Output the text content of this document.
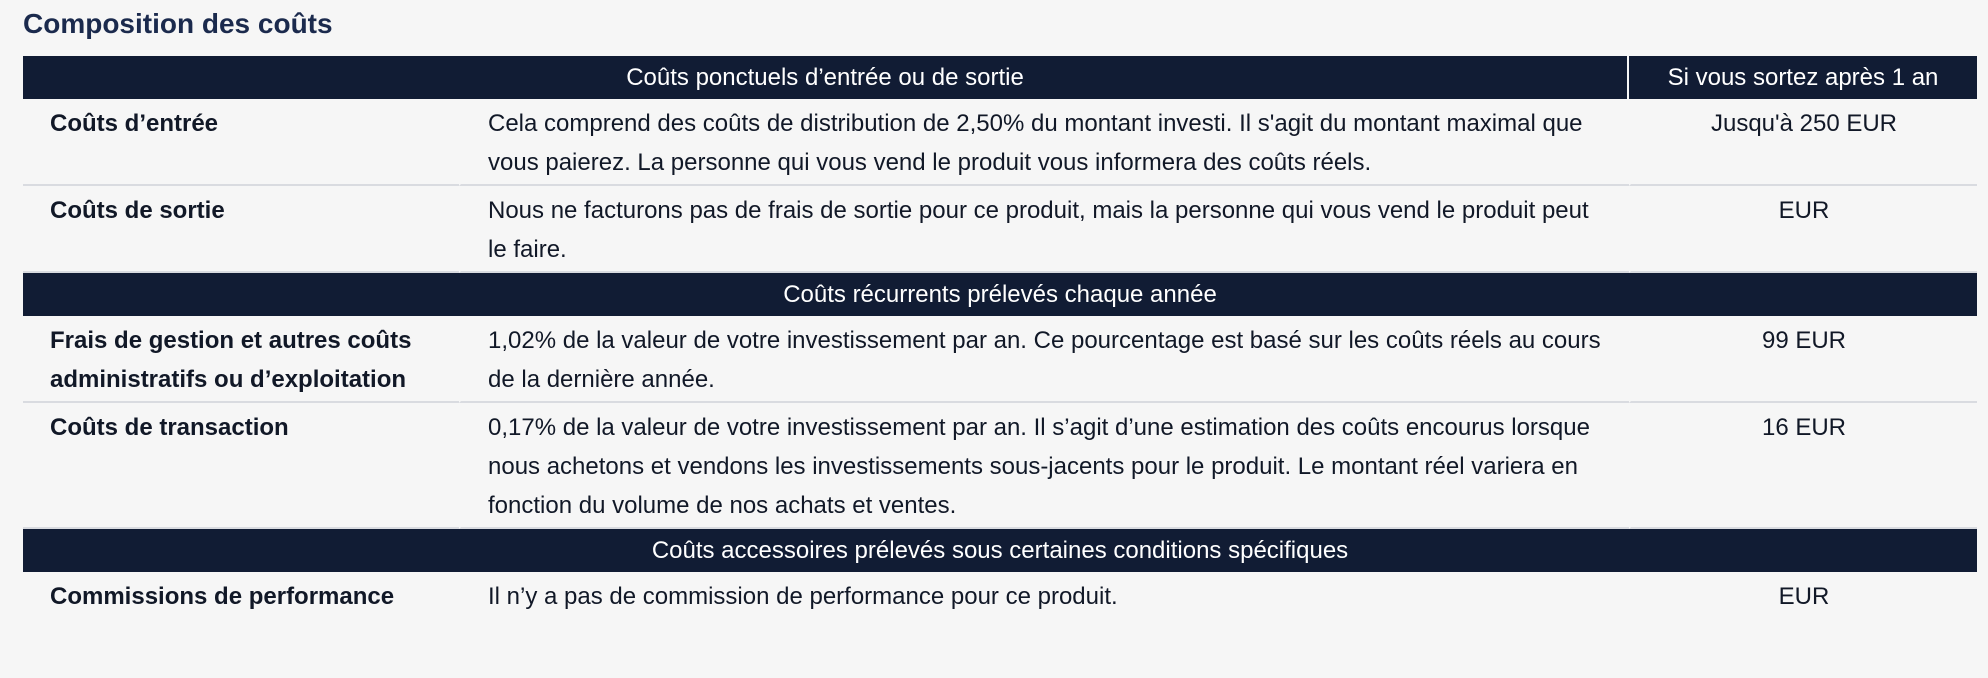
Composition des coûts
Coûts ponctuels d’entrée ou de sortie		Si vous sortez après 1 an
Coûts d’entrée	Cela comprend des coûts de distribution de 2,50% du montant investi. Il s'agit du montant maximal que vous paierez. La personne qui vous vend le produit vous informera des coûts réels.	Jusqu'à 250 EUR
Coûts de sortie	Nous ne facturons pas de frais de sortie pour ce produit, mais la personne qui vous vend le produit peut le faire.	EUR
Coûts récurrents prélevés chaque année		
Frais de gestion et autres coûts administratifs ou d’exploitation	1,02% de la valeur de votre investissement par an. Ce pourcentage est basé sur les coûts réels au cours de la dernière année.	99 EUR
Coûts de transaction	0,17% de la valeur de votre investissement par an. Il s’agit d’une estimation des coûts encourus lorsque nous achetons et vendons les investissements sous-jacents pour le produit. Le montant réel variera en fonction du volume de nos achats et ventes.	16 EUR
Coûts accessoires prélevés sous certaines conditions spécifiques		
Commissions de performance	Il n’y a pas de commission de performance pour ce produit.	EUR
